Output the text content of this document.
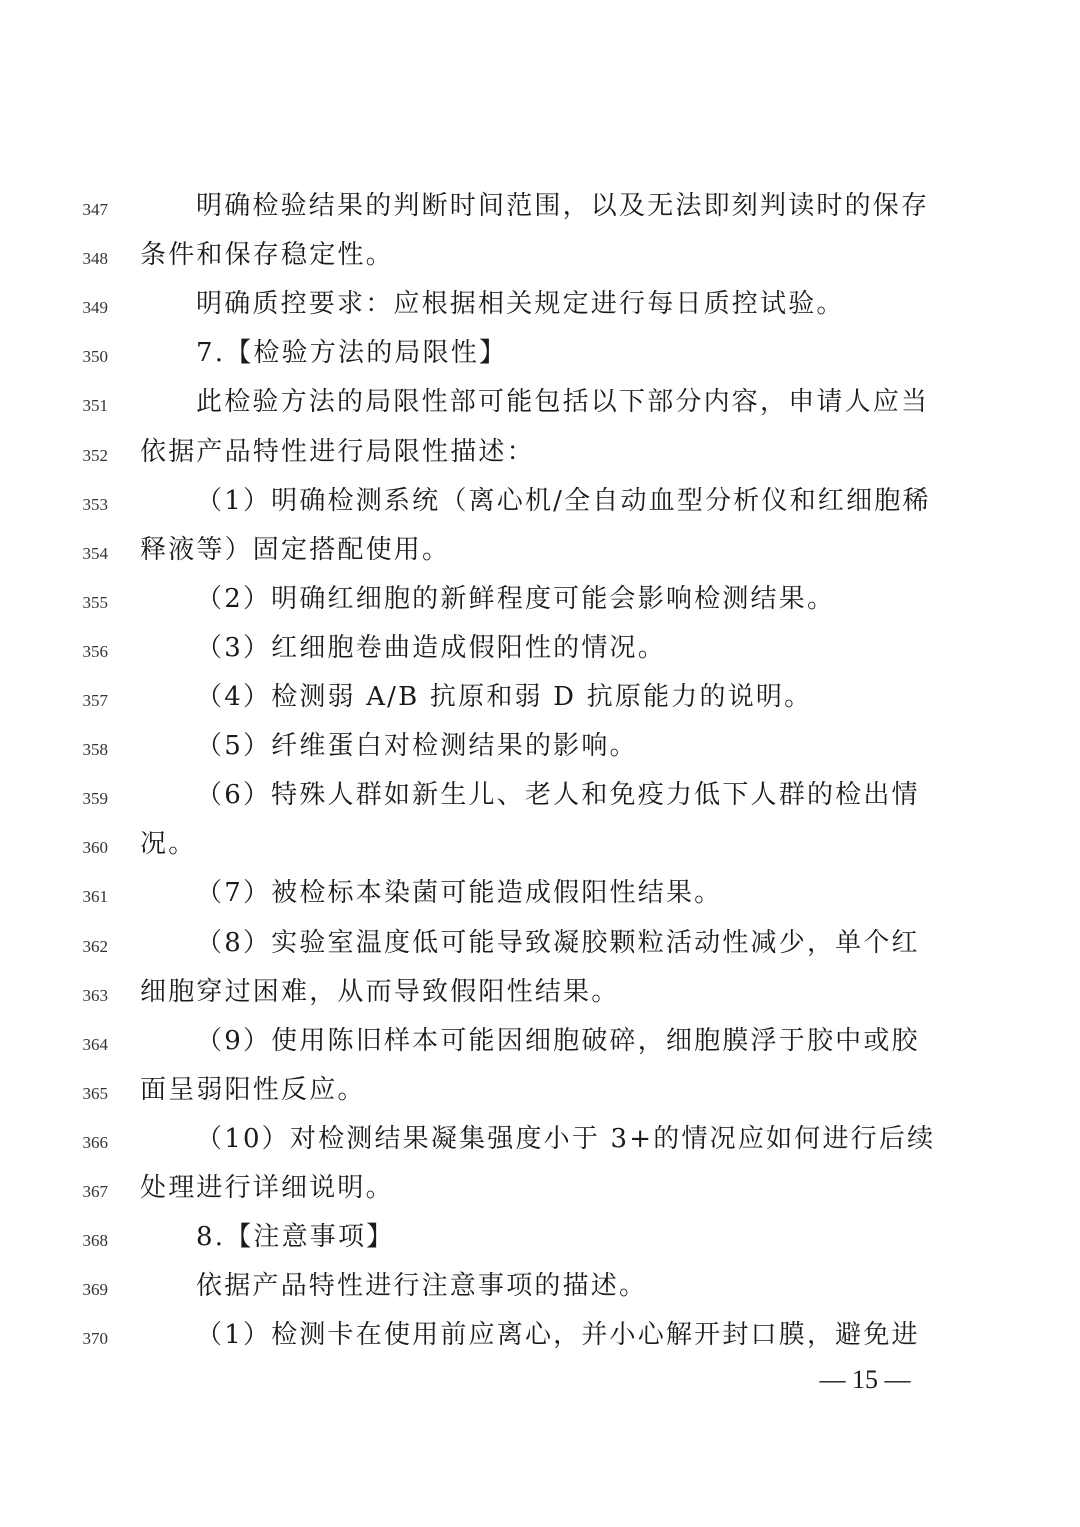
347	明确检验结果的判断时间范围，以及无法即刻判读时的保存
348 条件和保存稳定性。
349	明确质控要求：应根据相关规定进行每日质控试验。
350	7.【检验方法的局限性】
351	此检验方法的局限性部可能包括以下部分内容，申请人应当
352 依据产品特性进行局限性描述：
353	（1）明确检测系统（离心机/全自动血型分析仪和红细胞稀
354 释液等）固定搭配使用。
355	（2）明确红细胞的新鲜程度可能会影响检测结果。
356	（3）红细胞卷曲造成假阳性的情况。
357	（4）检测弱 A/B 抗原和弱 D 抗原能力的说明。
358	（5）纤维蛋白对检测结果的影响。
359	（6）特殊人群如新生儿、老人和免疫力低下人群的检出情
360 况。
361	（7）被检标本染菌可能造成假阳性结果。
362	（8）实验室温度低可能导致凝胶颗粒活动性减少，单个红
363 细胞穿过困难，从而导致假阳性结果。
364	（9）使用陈旧样本可能因细胞破碎，细胞膜浮于胶中或胶
365 面呈弱阳性反应。
366	（10）对检测结果凝集强度小于 3+的情况应如何进行后续
367 处理进行详细说明。
368	8.【注意事项】
369	依据产品特性进行注意事项的描述。
370	（1）检测卡在使用前应离心，并小心解开封口膜，避免进
— 15 —
